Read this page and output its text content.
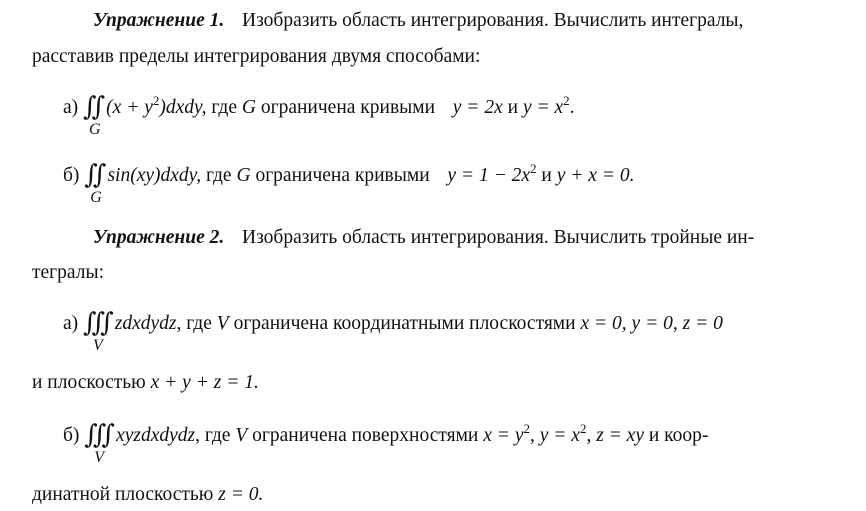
Упражнение 1. Изобразить область интегрирования. Вычислить интегралы,
расставив пределы интегрирования двумя способами:
а) ∬
G
$(x + y^2)dxdy$, где G ограничена кривыми y = 2x и $y = x^2$.
б) ∬
G
sin(xy)dxdy, где G ограничена кривыми $y = 1 - 2x^2$ и y + x = 0.
Упражнение 2. Изобразить область интегрирования. Вычислить тройные ин-
тегралы:
а) ∭
V
zdxdydz, где V ограничена координатными плоскостями x = 0, y = 0, z = 0
и плоскостью x + y + z = 1.
б) ∭
V
xyzdxdydz, где V ограничена поверхностями $x = y^2$, $y = x^2$, z = xy и коор-
динатной плоскостью z = 0.
